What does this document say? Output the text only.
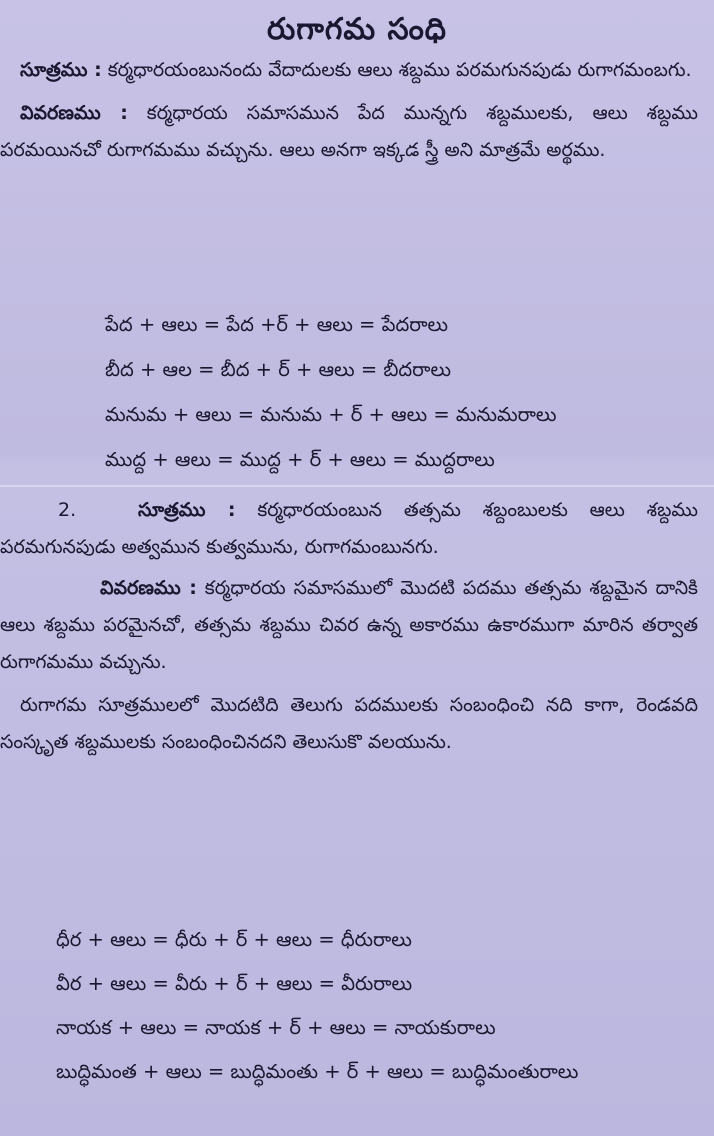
రుగాగమ సంధి

సూత్రము : కర్మధారయంబునందు వేదాదులకు ఆలు శబ్దము పరమగునపుడు రుగాగమంబగు.

వివరణము : కర్మధారయ సమాసమున పేద మున్నగు శబ్దములకు, ఆలు శబ్దము పరమయినచో రుగాగమము వచ్చును. ఆలు అనగా ఇక్కడ స్త్రీ అని మాత్రమే అర్థము.

పేద + ఆలు = పేద +ర్ + ఆలు = పేదరాలు
బీద + ఆల = బీద + ర్ + ఆలు = బీదరాలు
మనుమ + ఆలు = మనుమ + ర్ + ఆలు = మనుమరాలు
ముద్ద + ఆలు = ముద్ద + ర్ + ఆలు = ముద్దరాలు

2.	సూత్రము : కర్మధారయంబున తత్సమ శబ్దంబులకు ఆలు శబ్దము పరమగునపుడు అత్వమున కుత్వమును, రుగాగమంబునగు.

వివరణము : కర్మధారయ సమాసములో మొదటి పదము తత్సమ శబ్దమైన దానికి ఆలు శబ్దము పరమైనచో, తత్సమ శబ్దము చివర ఉన్న అకారము ఉకారముగా మారిన తర్వాత రుగాగమము వచ్చును.

రుగాగమ సూత్రములలో మొదటిది తెలుగు పదములకు సంబంధించి నది కాగా, రెండవది సంస్కృత శబ్దములకు సంబంధించినదని తెలుసుకొ వలయును.

ధీర + ఆలు = ధీరు + ర్ + ఆలు = ధీరురాలు
వీర + ఆలు = వీరు + ర్ + ఆలు = వీరురాలు
నాయక + ఆలు = నాయక + ర్ + ఆలు = నాయకురాలు
బుద్ధిమంత + ఆలు = బుద్ధిమంతు + ర్ + ఆలు = బుద్ధిమంతురాలు
